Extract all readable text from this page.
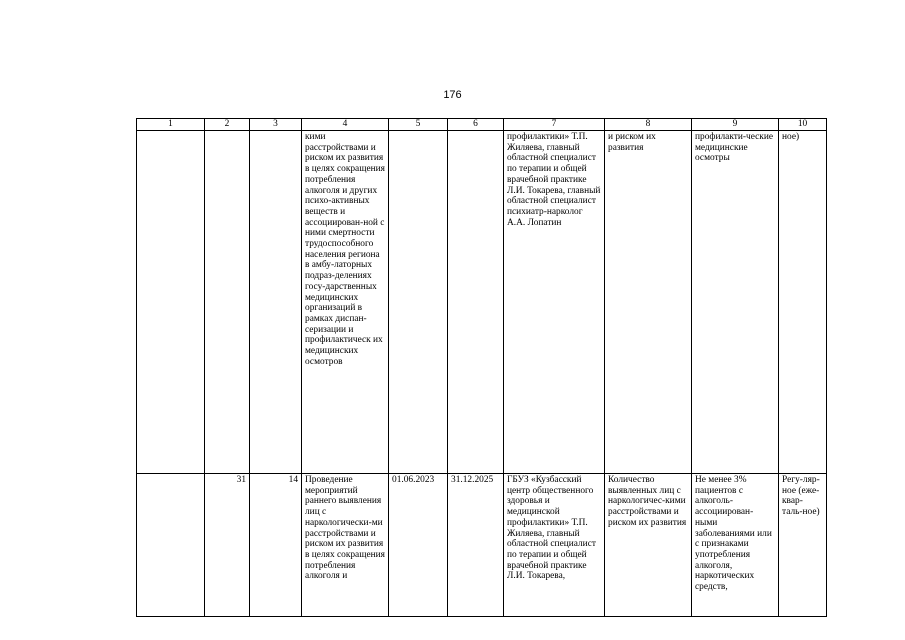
176
1	2	3	4	5	6	7	8	9	10
			кими расстройствами и риском их развития в целях сокращения потребления алкоголя и других психо-активных веществ и ассоциирован-ной с ними смертности трудоспособного населения региона в амбу-латорных подраз-делениях госу-дарственных медицинских организаций в рамках диспан-серизации и профилактическ их медицинских осмотров			профилактики» Т.П. Жиляева, главный областной специалист по терапии и общей врачебной практике Л.И. Токарева, главный областной специалист психиатр-нарколог А.А. Лопатин	и риском их развития	профилакти-ческие медицинские осмотры	ное)
	31	14	Проведение мероприятий раннего выявления лиц с наркологически-ми расстройствами и риском их развития в целях сокращения потребления алкоголя и	01.06.2023	31.12.2025	ГБУЗ «Кузбасский центр общественного здоровья и медицинской профилактики» Т.П. Жиляева, главный областной специалист по терапии и общей врачебной практике Л.И. Токарева,	Количество выявленных лиц с наркологичес-кими расстройствами и риском их развития	Не менее 3% пациентов с алкоголь-ассоциирован-ными заболеваниями или с признаками употребления алкоголя, наркотических средств,	Регу-ляр-ное (еже-квар-таль-ное)
